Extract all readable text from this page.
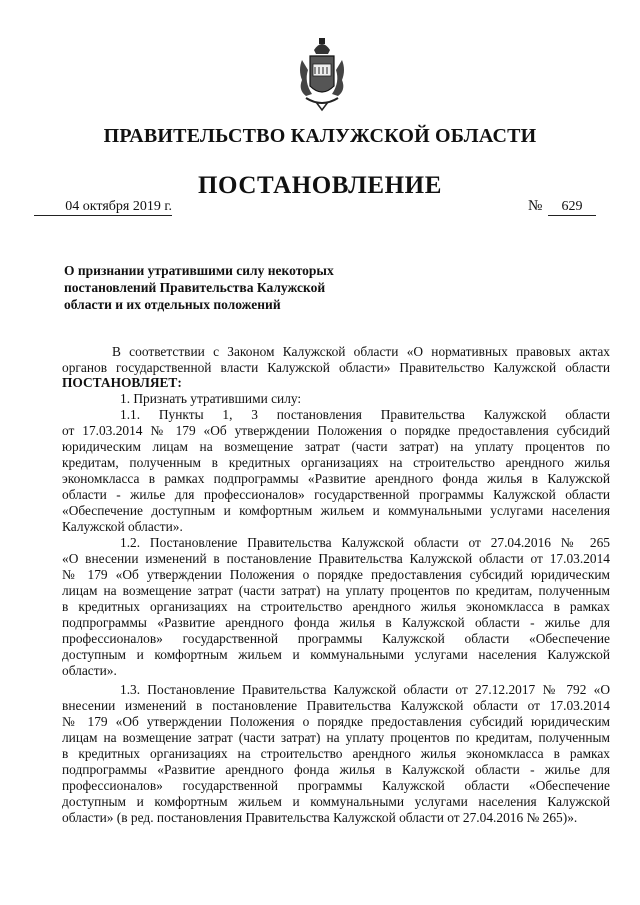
ПРАВИТЕЛЬСТВО КАЛУЖСКОЙ ОБЛАСТИ
ПОСТАНОВЛЕНИЕ
04 октября 2019 г.	№	629
О признании утратившими силу некоторых
постановлений Правительства Калужской
области и их отдельных положений
В соответствии с Законом Калужской области «О нормативных правовых актах
органов государственной власти Калужской области» Правительство Калужской области
ПОСТАНОВЛЯЕТ:
1. Признать утратившими силу:
1.1. Пункты 1, 3 постановления Правительства Калужской области
от 17.03.2014 № 179 «Об утверждении Положения о порядке предоставления субсидий
юридическим лицам на возмещение затрат (части затрат) на уплату процентов по
кредитам, полученным в кредитных организациях на строительство арендного жилья
экономкласса в рамках подпрограммы «Развитие арендного фонда жилья в Калужской
области - жилье для профессионалов» государственной программы Калужской области
«Обеспечение доступным и комфортным жильем и коммунальными услугами населения
Калужской области».
1.2. Постановление Правительства Калужской области от 27.04.2016 № 265
«О внесении изменений в постановление Правительства Калужской области от 17.03.2014
№ 179 «Об утверждении Положения о порядке предоставления субсидий юридическим
лицам на возмещение затрат (части затрат) на уплату процентов по кредитам, полученным
в кредитных организациях на строительство арендного жилья экономкласса в рамках
подпрограммы «Развитие арендного фонда жилья в Калужской области - жилье для
профессионалов» государственной программы Калужской области «Обеспечение
доступным и комфортным жильем и коммунальными услугами населения Калужской
области».
1.3. Постановление Правительства Калужской области от 27.12.2017 № 792 «О
внесении изменений в постановление Правительства Калужской области от 17.03.2014
№ 179 «Об утверждении Положения о порядке предоставления субсидий юридическим
лицам на возмещение затрат (части затрат) на уплату процентов по кредитам, полученным
в кредитных организациях на строительство арендного жилья экономкласса в рамках
подпрограммы «Развитие арендного фонда жилья в Калужской области - жилье для
профессионалов» государственной программы Калужской области «Обеспечение
доступным и комфортным жильем и коммунальными услугами населения Калужской
области» (в ред. постановления Правительства Калужской области от 27.04.2016 № 265)».
